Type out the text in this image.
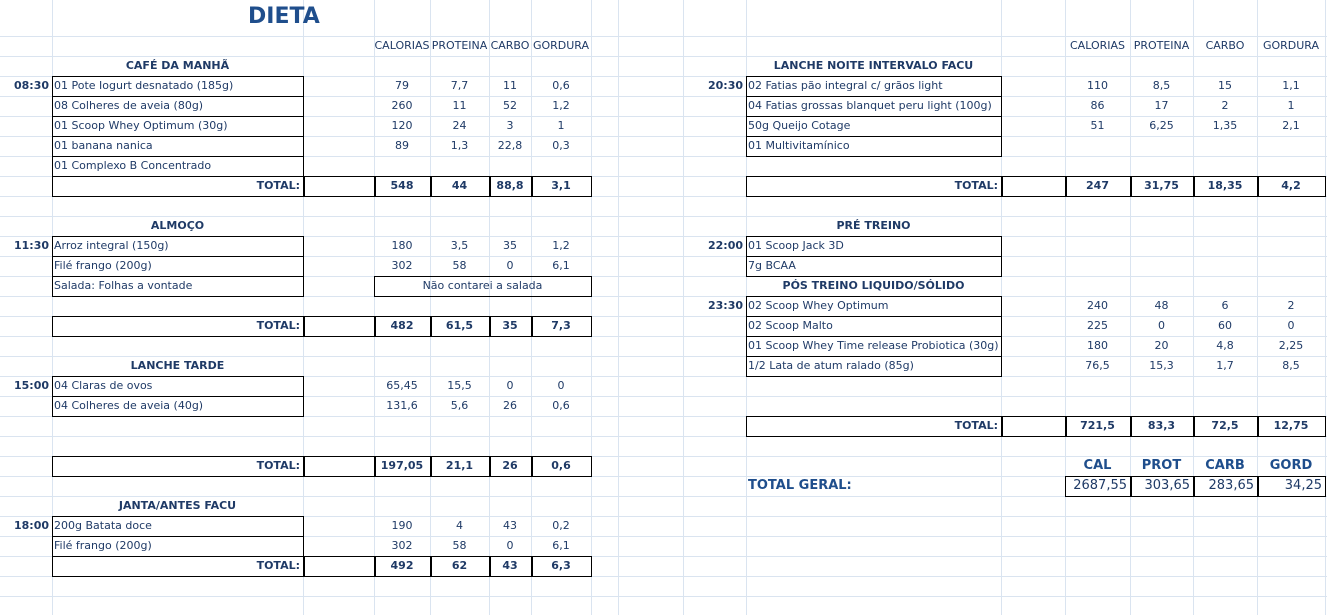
DIETA
CALORIAS PROTEINA CARBO GORDURA	CALORIAS PROTEINA	CARBO	GORDURA
CAFÉ DA MANHÃ
08:30 01 Pote Iogurt desnatado (185g)	79	7,7	11	0,6
08 Colheres de aveia (80g)	260	11	52	1,2
01 Scoop Whey Optimum (30g)	120	24	3	1
01 banana nanica	89	1,3	22,8	0,3
01 Complexo B Concentrado
TOTAL:	548	44	88,8	3,1
ALMOÇO
11:30 Arroz integral (150g)	180	3,5	35	1,2
Filé frango (200g)	302	58	0	6,1
Salada: Folhas a vontade	Não contarei a salada
TOTAL:	482	61,5	35	7,3
LANCHE TARDE
15:00 04 Claras de ovos	65,45	15,5	0	0
04 Colheres de aveia (40g)	131,6	5,6	26	0,6
TOTAL:	197,05	21,1	26	0,6
JANTA/ANTES FACU
18:00 200g Batata doce	190	4	43	0,2
Filé frango (200g)	302	58	0	6,1
TOTAL:	492	62	43	6,3
LANCHE NOITE INTERVALO FACU
20:30 02 Fatias pão integral c/ grãos light	110	8,5	15	1,1
04 Fatias grossas blanquet peru light (100g)	86	17	2	1
50g Queijo Cotage	51	6,25	1,35	2,1
01 Multivitamínico
TOTAL:	247	31,75	18,35	4,2
PRÉ TREINO
22:00 01 Scoop Jack 3D
7g BCAA
PÓS TREINO LIQUIDO/SÓLIDO
23:30 02 Scoop Whey Optimum	240	48	6	2
02 Scoop Malto	225	0	60	0
01 Scoop Whey Time release Probiotica (30g)	180	20	4,8	2,25
1/2 Lata de atum ralado (85g)	76,5	15,3	1,7	8,5
TOTAL:	721,5	83,3	72,5	12,75
CAL	PROT	CARB	GORD
TOTAL GERAL:	2687,55	303,65	283,65	34,25
